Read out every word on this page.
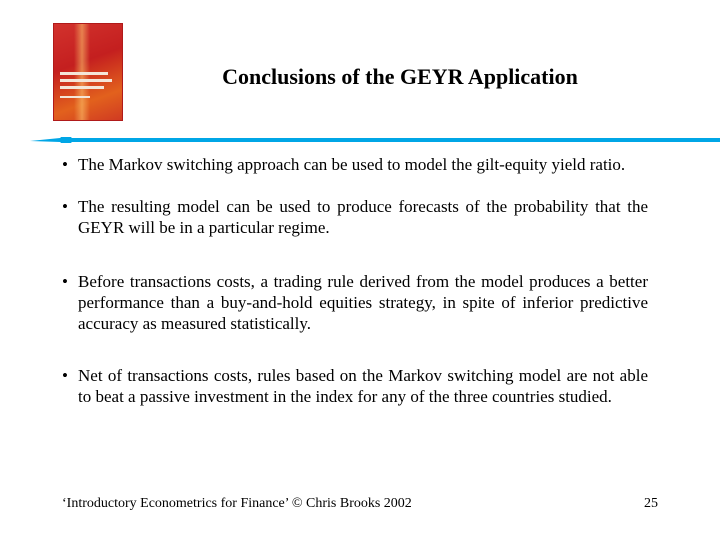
Conclusions of the GEYR Application
• The Markov switching approach can be used to model the gilt-equity yield ratio.
• The resulting model can be used to produce forecasts of the probability that the GEYR will be in a particular regime.
• Before transactions costs, a trading rule derived from the model produces a better performance than a buy-and-hold equities strategy, in spite of inferior predictive accuracy as measured statistically.
• Net of transactions costs, rules based on the Markov switching model are not able to beat a passive investment in the index for any of the three countries studied.
‘Introductory Econometrics for Finance’ © Chris Brooks 2002	25
